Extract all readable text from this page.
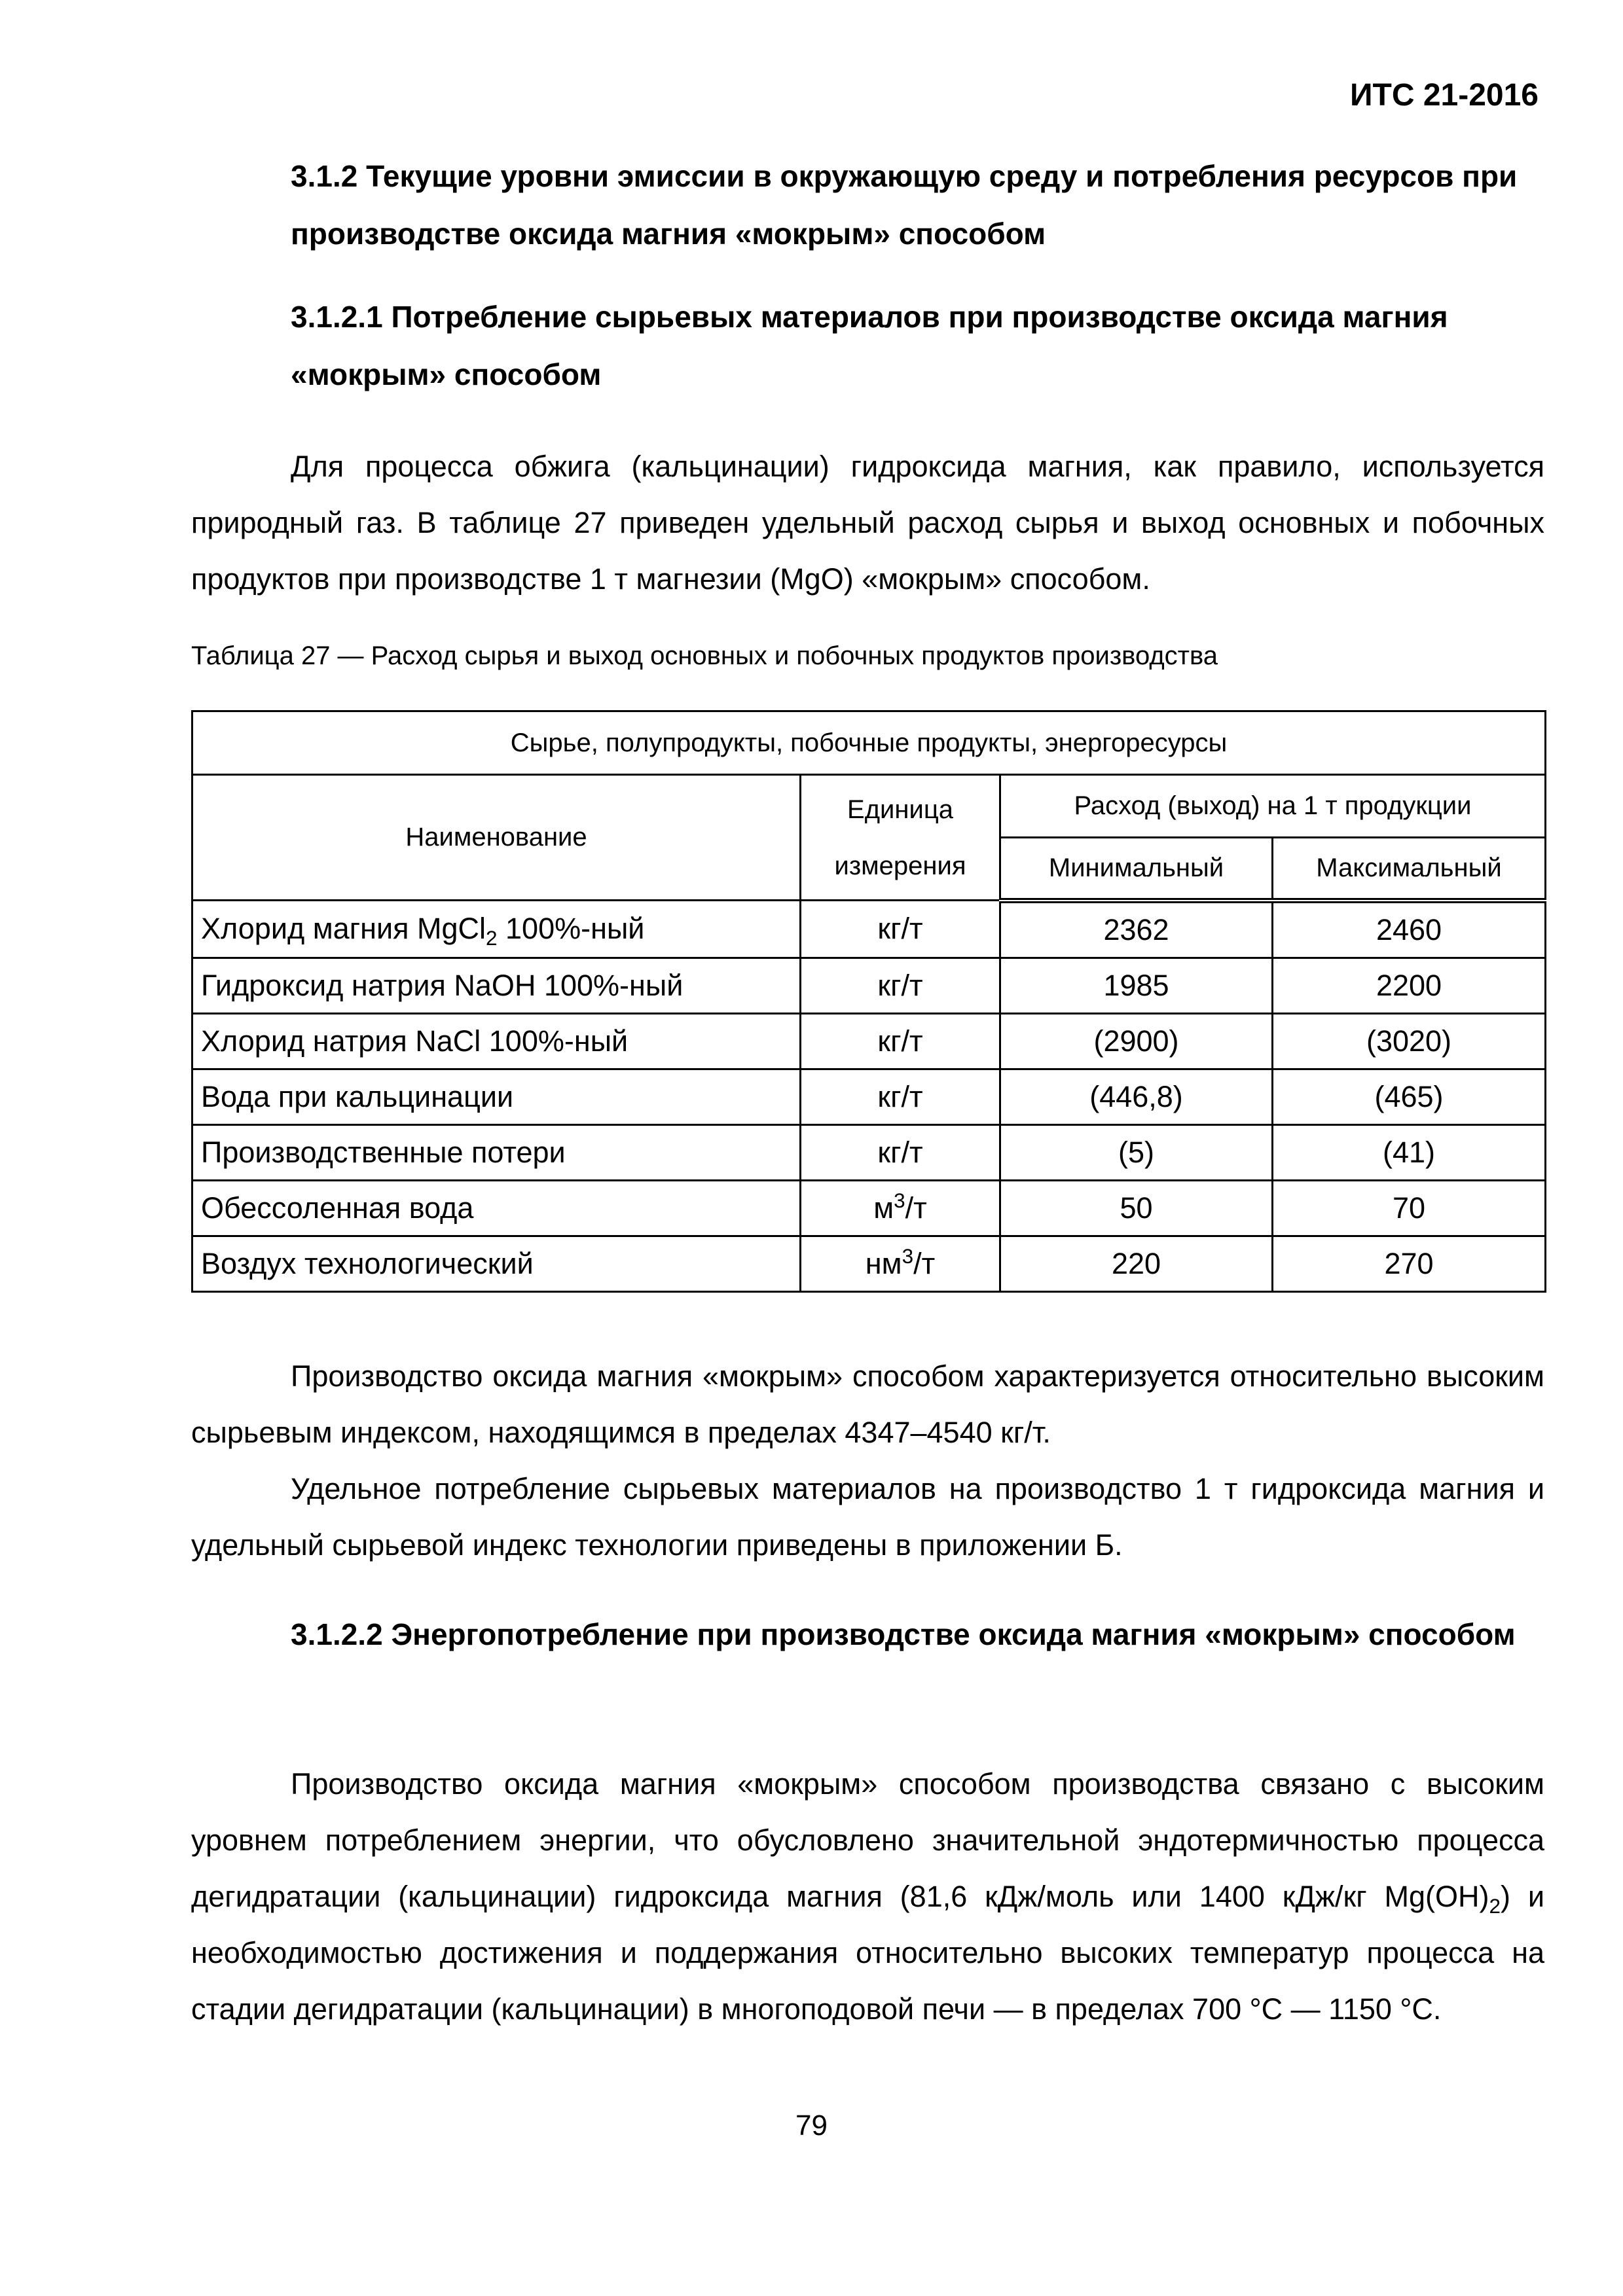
ИТС 21-2016
3.1.2 Текущие уровни эмиссии в окружающую среду и потребления ресурсов при производстве оксида магния «мокрым» способом
3.1.2.1 Потребление сырьевых материалов при производстве оксида магния «мокрым» способом

Для процесса обжига (кальцинации) гидроксида магния, как правило, используется природный газ. В таблице 27 приведен удельный расход сырья и выход основных и побочных продуктов при производстве 1 т магнезии (MgO) «мокрым» способом.

Таблица 27 — Расход сырья и выход основных и побочных продуктов производства
Сырье, полупродукты, побочные продукты, энергоресурсы			
Наименование	Единица измерения	Расход (выход) на 1 т продукции	
		Минимальный	Максимальный
Хлорид магния MgCl$_2$ 100%-ный	кг/т	2362	2460
Гидроксид натрия NaOH 100%-ный	кг/т	1985	2200
Хлорид натрия NaCl 100%-ный	кг/т	(2900)	(3020)
Вода при кальцинации	кг/т	(446,8)	(465)
Производственные потери	кг/т	(5)	(41)
Обессоленная вода	$м^3/т$	50	70
Воздух технологический	$нм^3/т$	220	270

Производство оксида магния «мокрым» способом характеризуется относительно высоким сырьевым индексом, находящимся в пределах 4347–4540 кг/т.

Удельное потребление сырьевых материалов на производство 1 т гидроксида магния и удельный сырьевой индекс технологии приведены в приложении Б.

3.1.2.2 Энергопотребление при производстве оксида магния «мокрым» способом

Производство оксида магния «мокрым» способом производства связано с высоким уровнем потреблением энергии, что обусловлено значительной эндотермичностью процесса дегидратации (кальцинации) гидроксида магния (81,6 кДж/моль или 1400 кДж/кг $Mg(OH)_2$) и необходимостью достижения и поддержания относительно высоких температур процесса на стадии дегидратации (кальцинации) в многоподовой печи — в пределах 700 °С — 1150 °С.

79
